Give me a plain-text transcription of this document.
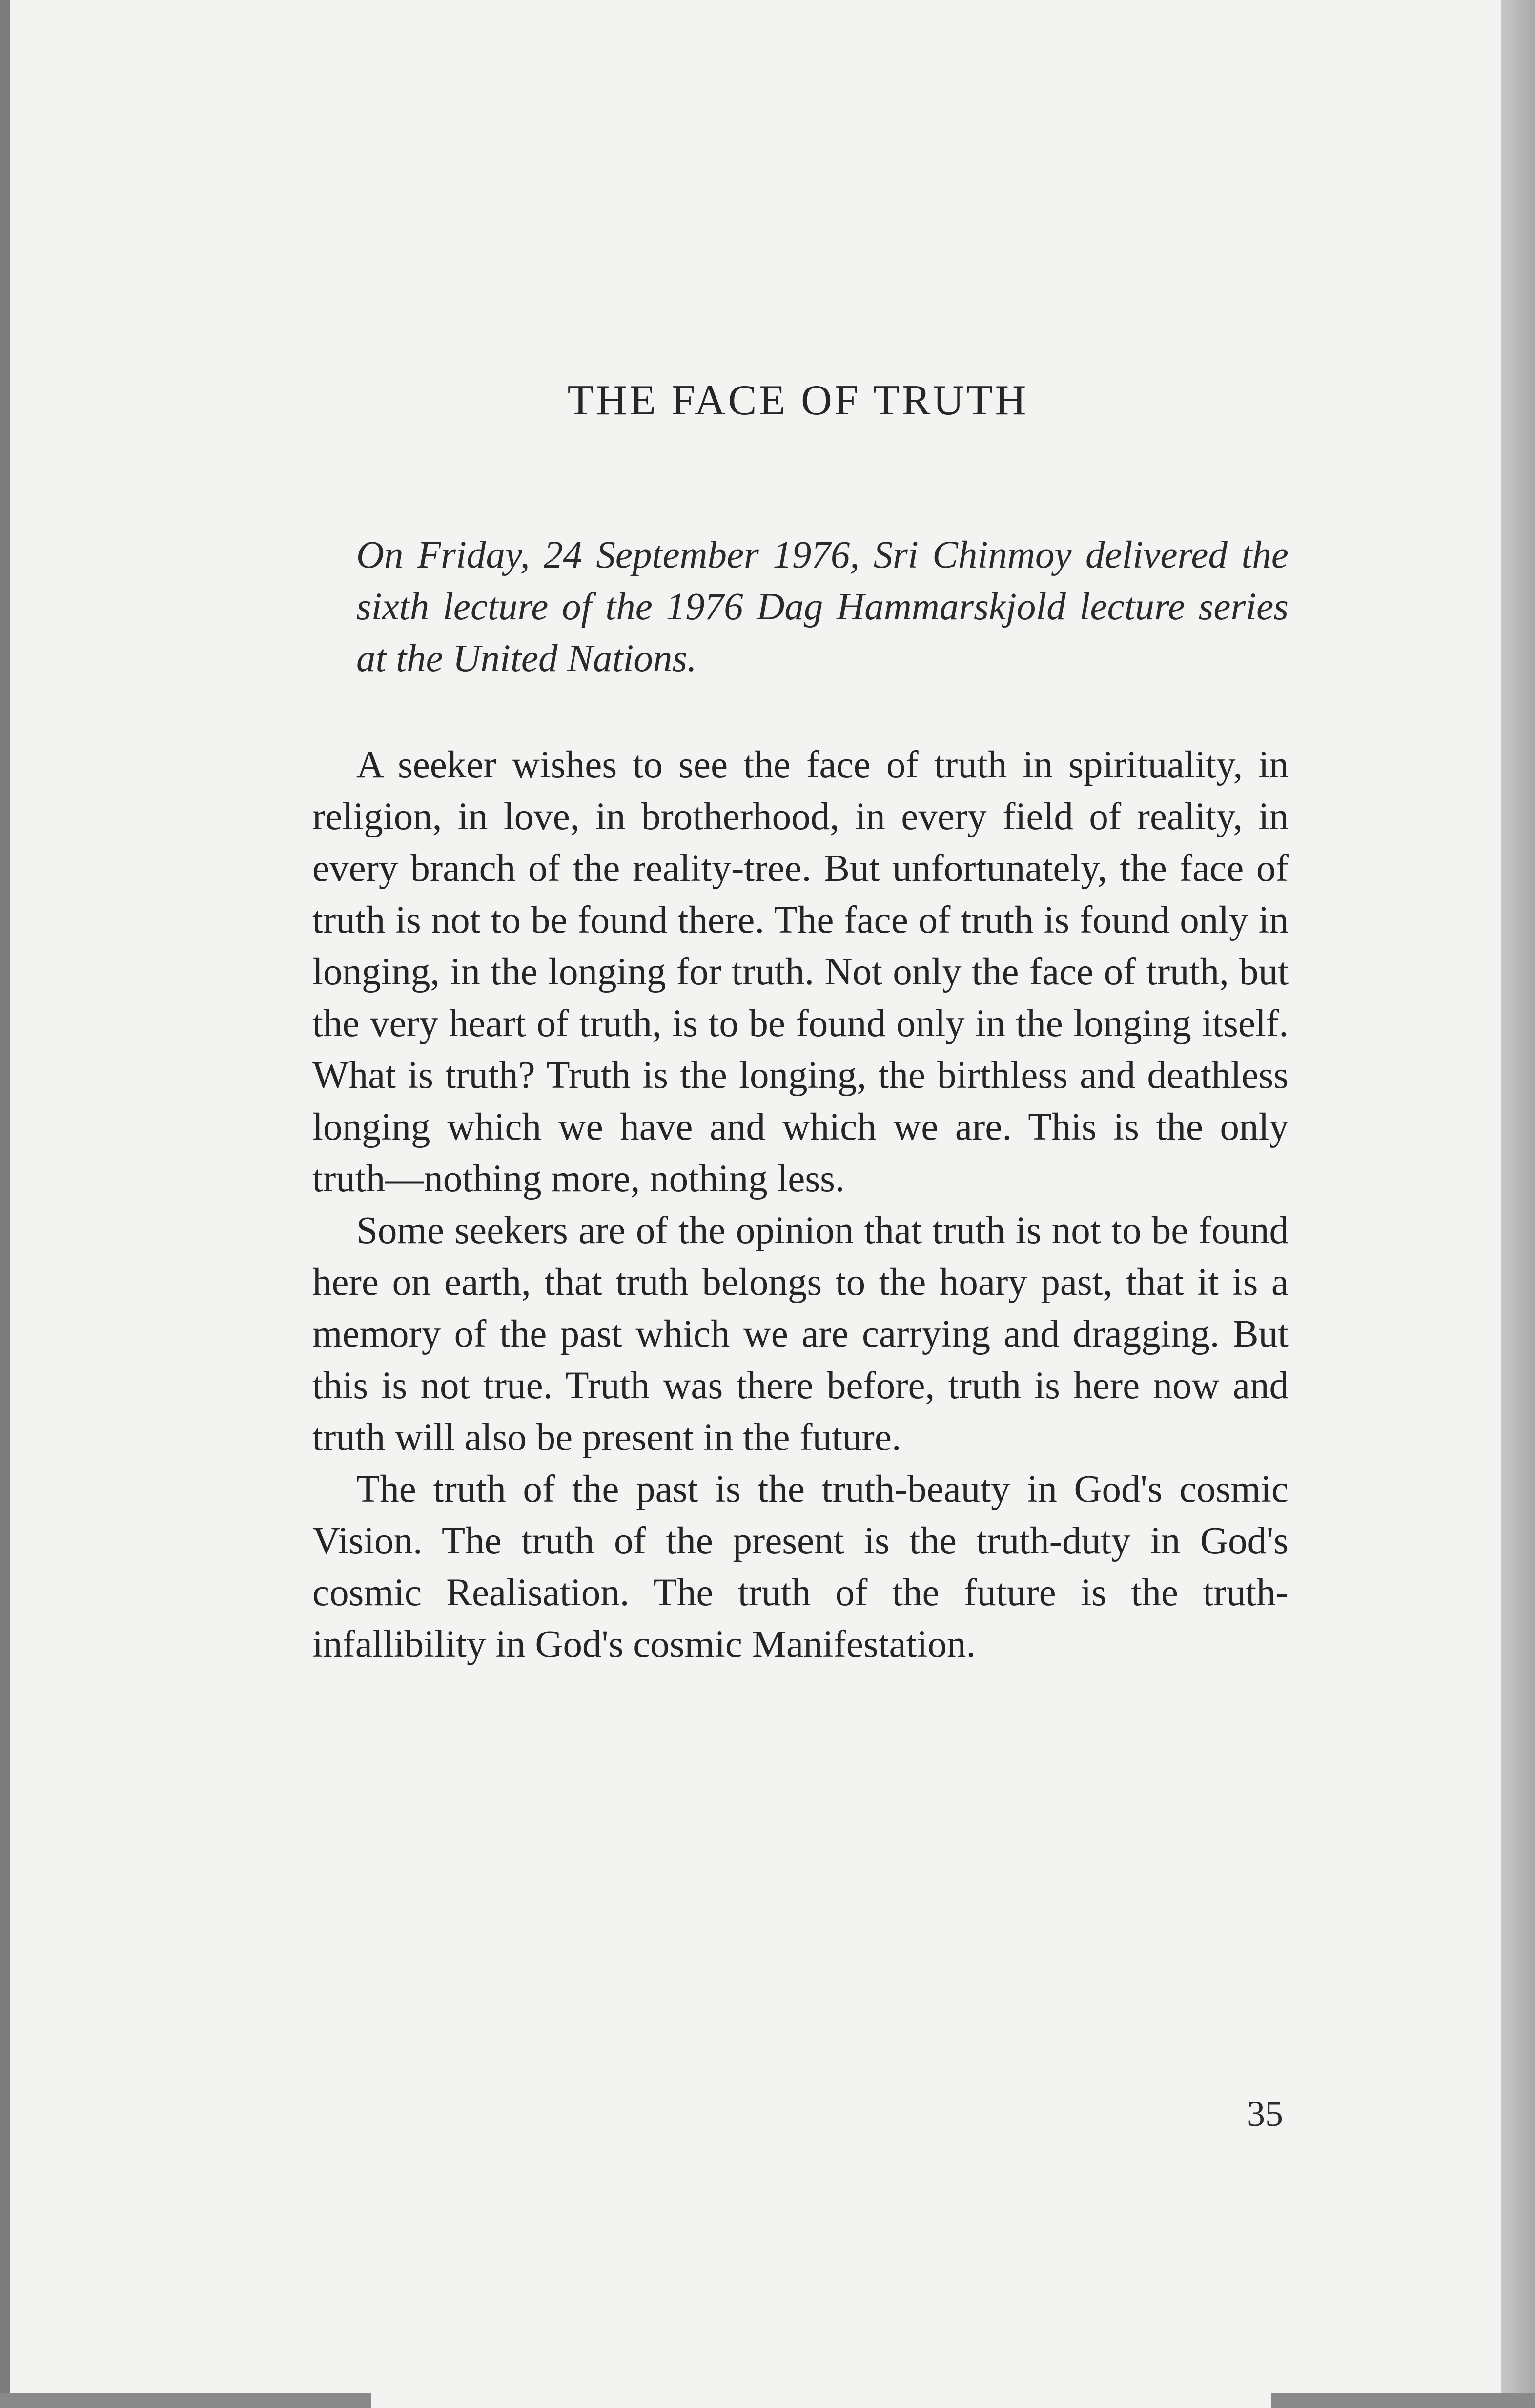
THE FACE OF TRUTH
On Friday, 24 September 1976, Sri Chinmoy delivered the sixth lecture of the 1976 Dag Hammarskjold lecture series at the United Nations.

A seeker wishes to see the face of truth in spirituality, in religion, in love, in brotherhood, in every field of reality, in every branch of the reality-tree. But unfortunately, the face of truth is not to be found there. The face of truth is found only in longing, in the longing for truth. Not only the face of truth, but the very heart of truth, is to be found only in the longing itself. What is truth? Truth is the longing, the birthless and deathless longing which we have and which we are. This is the only truth—nothing more, nothing less.

Some seekers are of the opinion that truth is not to be found here on earth, that truth belongs to the hoary past, that it is a memory of the past which we are carrying and dragging. But this is not true. Truth was there before, truth is here now and truth will also be present in the future.

The truth of the past is the truth-beauty in God's cosmic Vision. The truth of the present is the truth-duty in God's cosmic Realisation. The truth of the future is the truth-infallibility in God's cosmic Manifestation.

35
